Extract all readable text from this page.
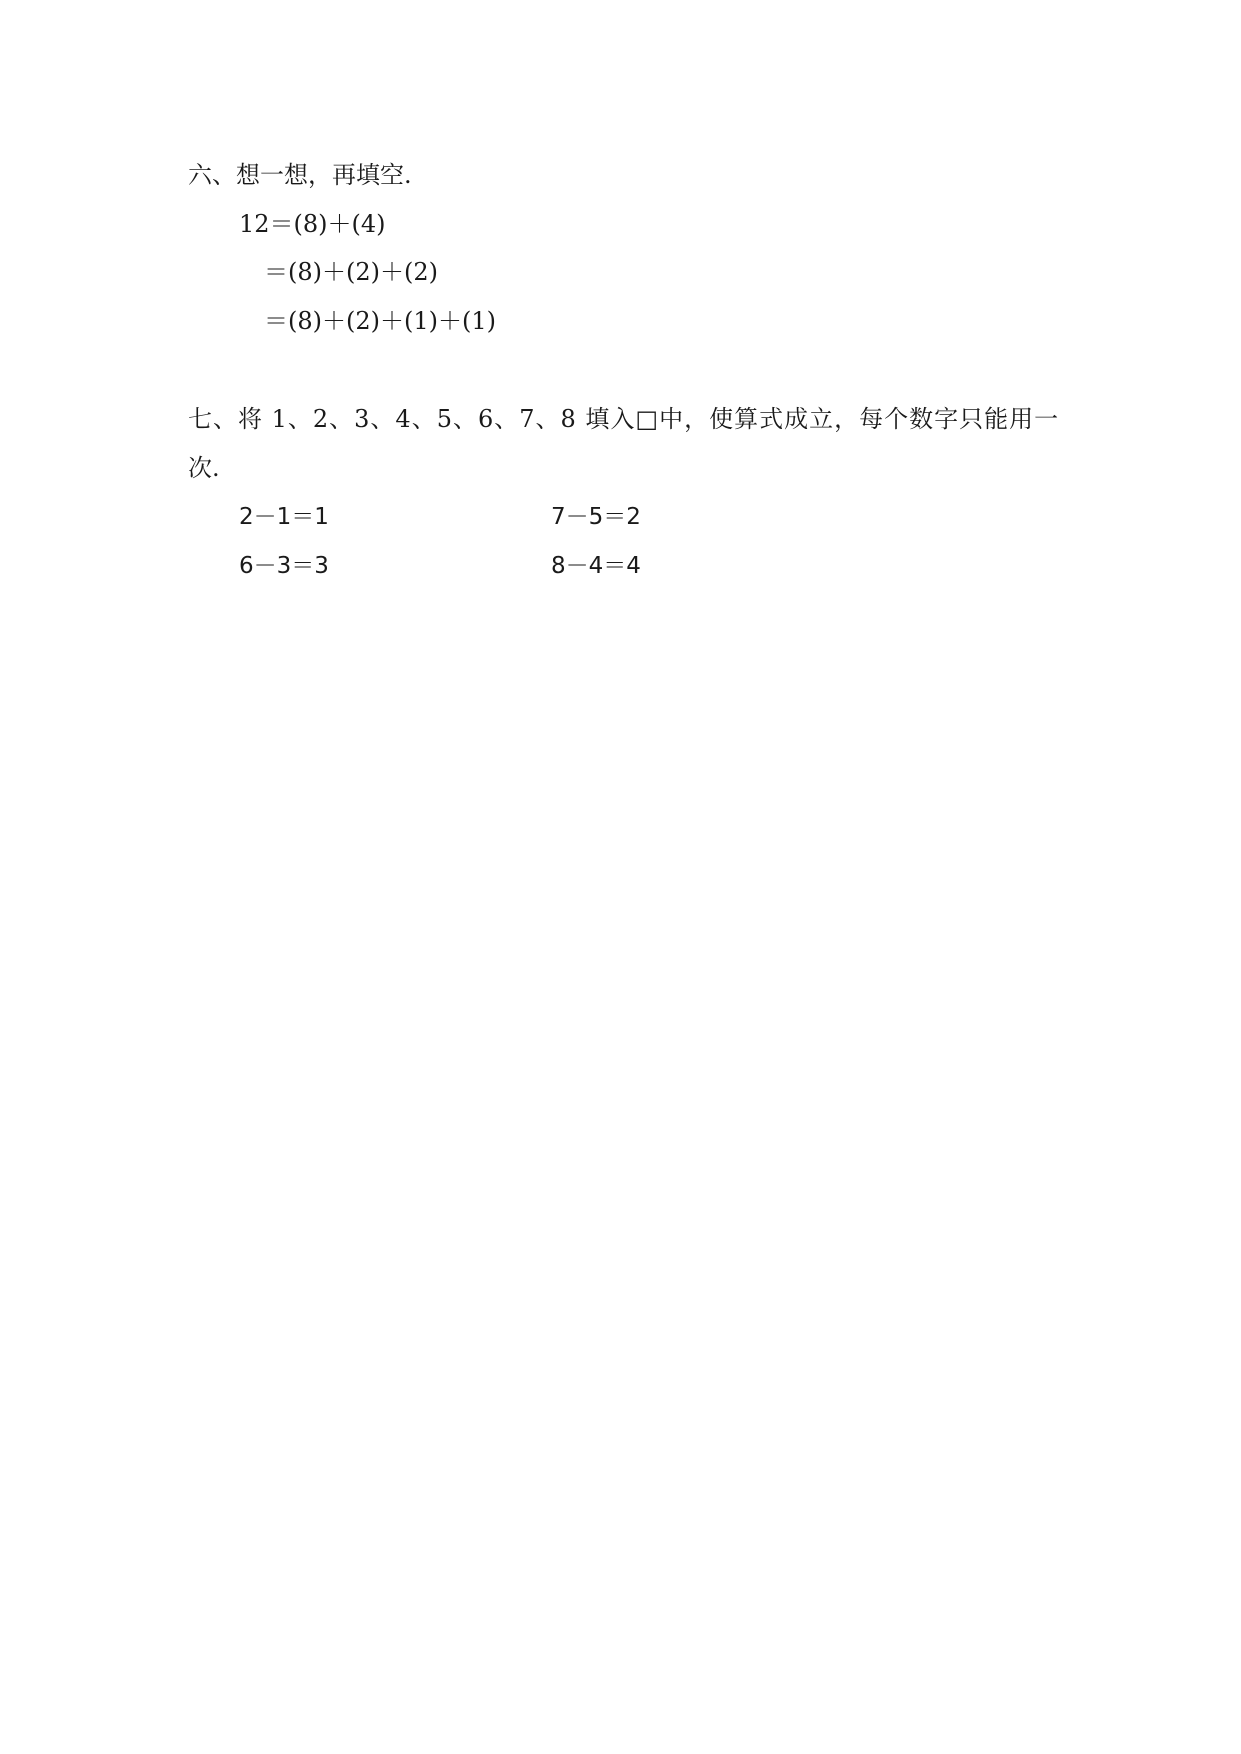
六、想一想，再填空.
12＝(8)＋(4)
＝(8)＋(2)＋(2)
＝(8)＋(2)＋(1)＋(1)
七、将 1、2、3、4、5、6、7、8 填入□中，使算式成立，每个数字只能用一
次.
2－1＝1	7－5＝2
6－3＝3	8－4＝4
